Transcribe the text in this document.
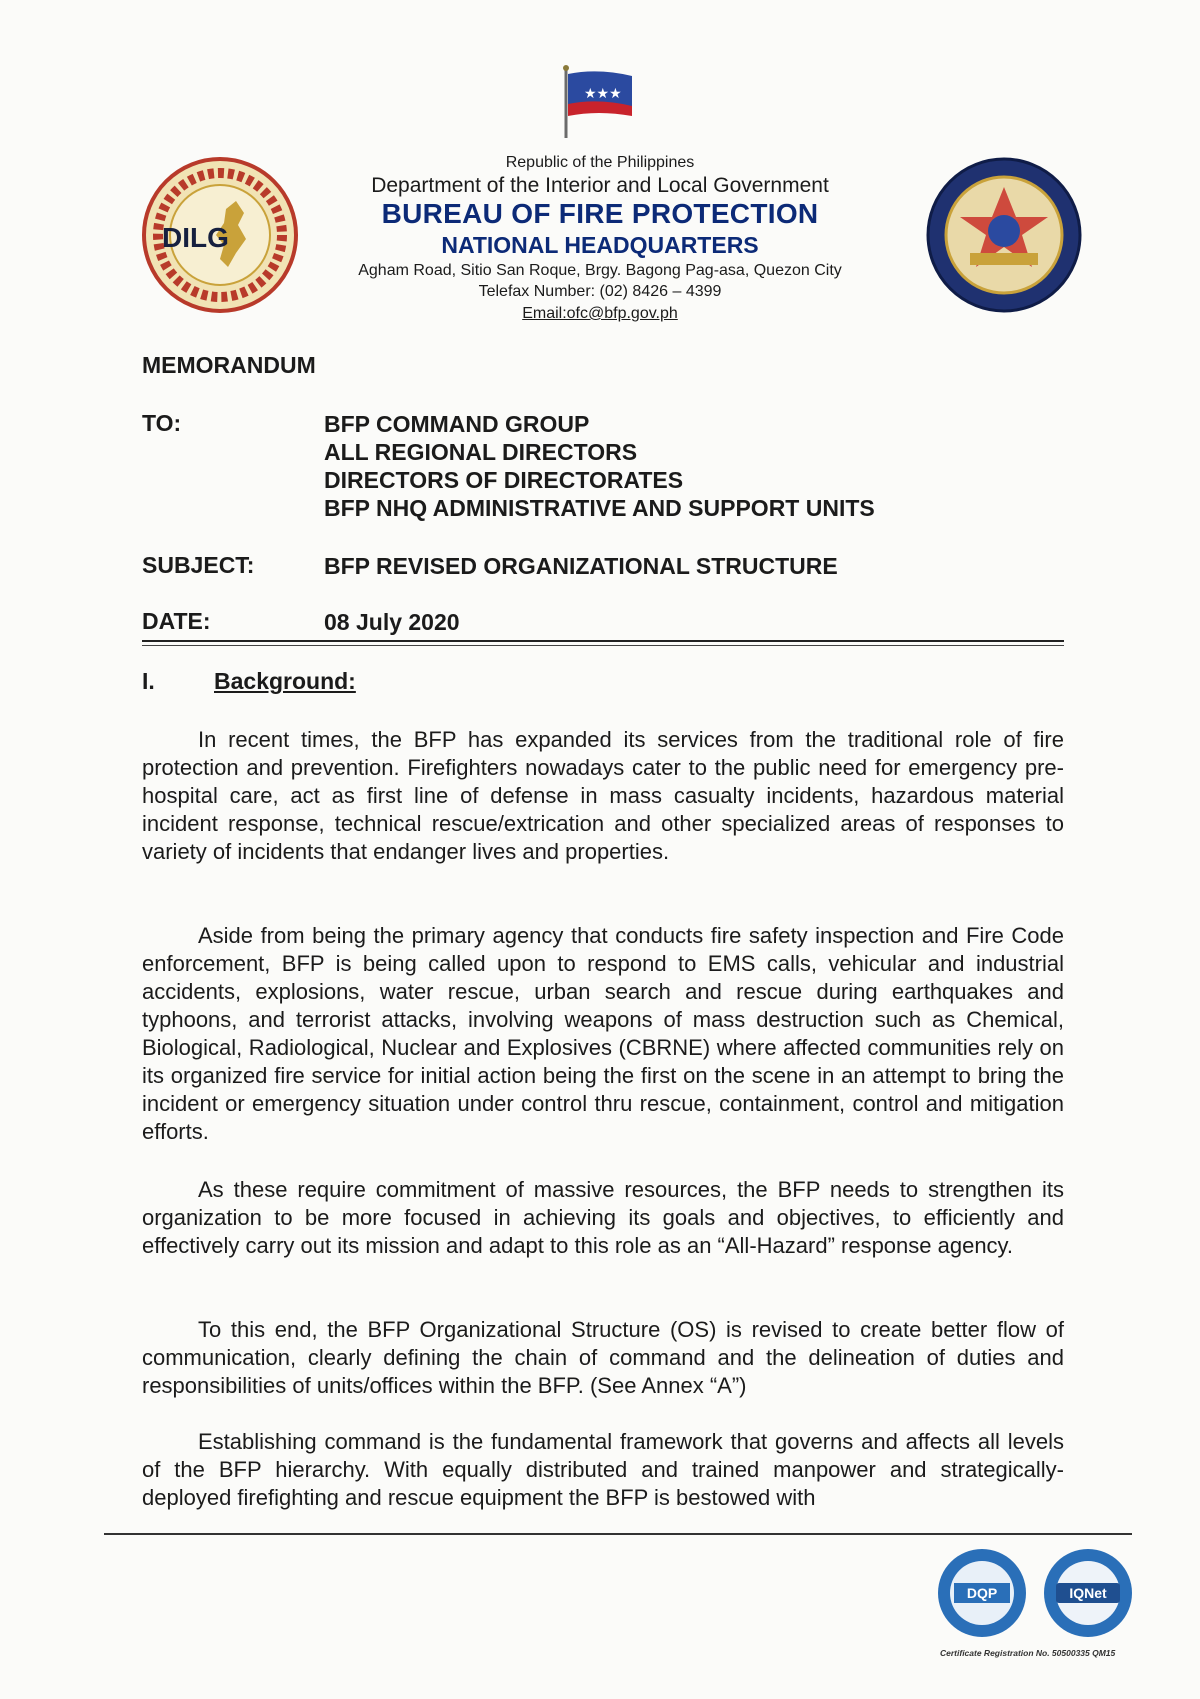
★★★
DILG
Republic of the Philippines
Department of the Interior and Local Government
BUREAU OF FIRE PROTECTION
NATIONAL HEADQUARTERS
Agham Road, Sitio San Roque, Brgy. Bagong Pag-asa, Quezon City
Telefax Number: (02) 8426 – 4399
Email:ofc@bfp.gov.ph
MEMORANDUM
TO:	BFP COMMAND GROUP
ALL REGIONAL DIRECTORS
DIRECTORS OF DIRECTORATES
BFP NHQ ADMINISTRATIVE AND SUPPORT UNITS
SUBJECT:	BFP REVISED ORGANIZATIONAL STRUCTURE
DATE:	08 July 2020
I.	Background:
In recent times, the BFP has expanded its services from the traditional role of fire protection and prevention. Firefighters nowadays cater to the public need for emergency pre-hospital care, act as first line of defense in mass casualty incidents, hazardous material incident response, technical rescue/extrication and other specialized areas of responses to variety of incidents that endanger lives and properties.
Aside from being the primary agency that conducts fire safety inspection and Fire Code enforcement, BFP is being called upon to respond to EMS calls, vehicular and industrial accidents, explosions, water rescue, urban search and rescue during earthquakes and typhoons, and terrorist attacks, involving weapons of mass destruction such as Chemical, Biological, Radiological, Nuclear and Explosives (CBRNE) where affected communities rely on its organized fire service for initial action being the first on the scene in an attempt to bring the incident or emergency situation under control thru rescue, containment, control and mitigation efforts.
As these require commitment of massive resources, the BFP needs to strengthen its organization to be more focused in achieving its goals and objectives, to efficiently and effectively carry out its mission and adapt to this role as an “All-Hazard” response agency.
To this end, the BFP Organizational Structure (OS) is revised to create better flow of communication, clearly defining the chain of command and the delineation of duties and responsibilities of units/offices within the BFP. (See Annex “A”)
Establishing command is the fundamental framework that governs and affects all levels of the BFP hierarchy. With equally distributed and trained manpower and strategically-deployed firefighting and rescue equipment the BFP is bestowed with
DQP	IQNet
Certificate Registration No. 50500335 QM15
